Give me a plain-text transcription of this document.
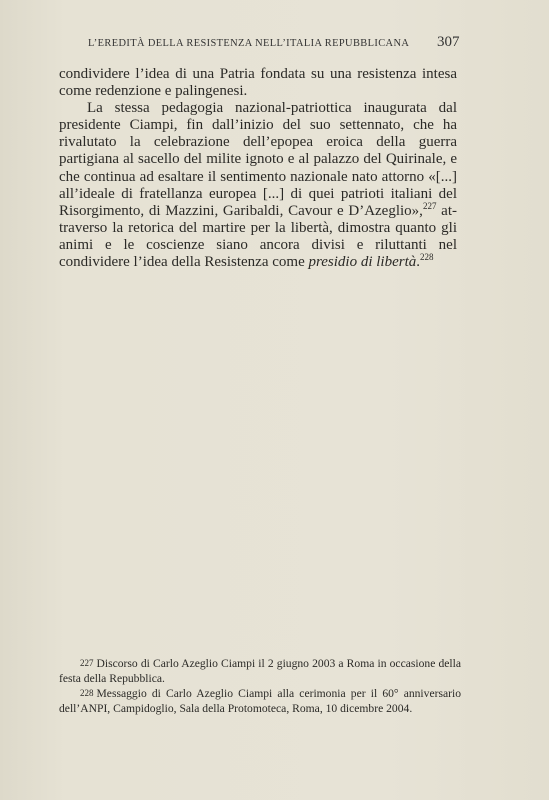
L’EREDITÀ DELLA RESISTENZA NELL’ITALIA REPUBBLICANA	307

condividere l’idea di una Patria fondata su una resistenza intesa come redenzione e palingenesi.

La stessa pedagogia nazional-patriottica inaugurata dal presidente Ciampi, fin dall’inizio del suo settennato, che ha rivalutato la celebrazione dell’epopea eroica della guerra partigiana al sacello del milite ignoto e al palazzo del Quirinale, e che continua ad esaltare il sentimento nazionale nato attorno «[...] all’ideale di fratellanza europea [...] di quei patrioti italiani del Risorgimento, di Mazzini, Garibaldi, Cavour e D’Azeglio»,$^{227}$ attraverso la retorica del martire per la libertà, dimostra quanto gli animi e le coscienze siano ancora divisi e riluttanti nel condividere l’idea della Resistenza come presidio di libertà.$^{228}$

227 Discorso di Carlo Azeglio Ciampi il 2 giugno 2003 a Roma in occasione della festa della Repubblica.

228 Messaggio di Carlo Azeglio Ciampi alla cerimonia per il 60° anniversario dell’ANPI, Campidoglio, Sala della Protomoteca, Roma, 10 dicembre 2004.
